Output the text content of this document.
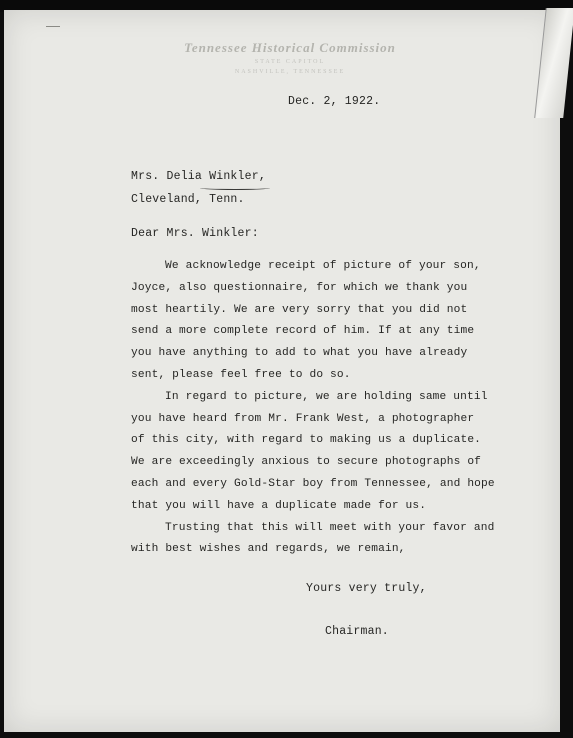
Tennessee Historical Commission
STATE CAPITOL
NASHVILLE, TENNESSEE
Dec. 2, 1922.
Mrs. Delia Winkler,
Cleveland, Tenn.
Dear Mrs. Winkler:
We acknowledge receipt of picture of your son,
Joyce, also questionnaire, for which we thank you
most heartily. We are very sorry that you did not
send a more complete record of him. If at any time
you have anything to add to what you have already
sent, please feel free to do so.
In regard to picture, we are holding same until
you have heard from Mr. Frank West, a photographer
of this city, with regard to making us a duplicate.
We are exceedingly anxious to secure photographs of
each and every Gold-Star boy from Tennessee, and hope
that you will have a duplicate made for us.
Trusting that this will meet with your favor and
with best wishes and regards, we remain,
Yours very truly,
Chairman.
